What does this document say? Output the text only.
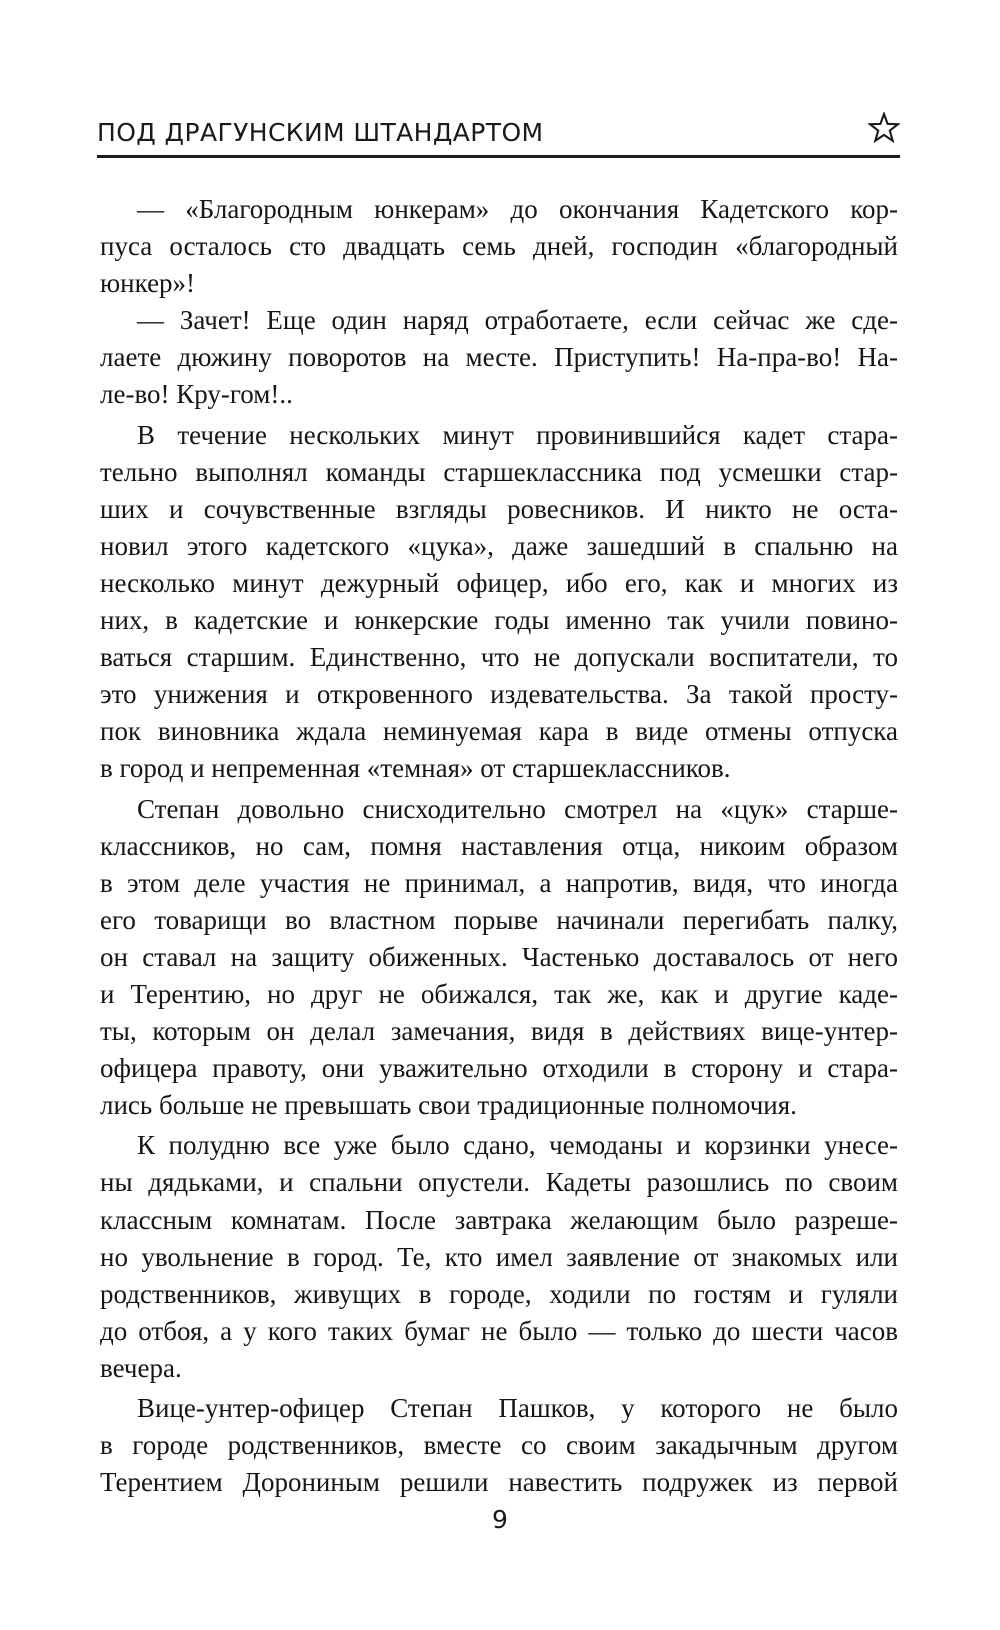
ПОД ДРАГУНСКИМ ШТАНДАРТОМ
— «Благородным юнкерам» до окончания Кадетского кор-
пуса осталось сто двадцать семь дней, господин «благородный
юнкер»!
— Зачет! Еще один наряд отработаете, если сейчас же сде-
лаете дюжину поворотов на месте. Приступить! На-пра-во! На-
ле-во! Кру-гом!..
В течение нескольких минут провинившийся кадет стара-
тельно выполнял команды старшеклассника под усмешки стар-
ших и сочувственные взгляды ровесников. И никто не оста-
новил этого кадетского «цука», даже зашедший в спальню на
несколько минут дежурный офицер, ибо его, как и многих из
них, в кадетские и юнкерские годы именно так учили повино-
ваться старшим. Единственно, что не допускали воспитатели, то
это унижения и откровенного издевательства. За такой просту-
пок виновника ждала неминуемая кара в виде отмены отпуска
в город и непременная «темная» от старшеклассников.
Степан довольно снисходительно смотрел на «цук» старше-
классников, но сам, помня наставления отца, никоим образом
в этом деле участия не принимал, а напротив, видя, что иногда
его товарищи во властном порыве начинали перегибать палку,
он ставал на защиту обиженных. Частенько доставалось от него
и Терентию, но друг не обижался, так же, как и другие каде-
ты, которым он делал замечания, видя в действиях вице-унтер-
офицера правоту, они уважительно отходили в сторону и стара-
лись больше не превышать свои традиционные полномочия.
К полудню все уже было сдано, чемоданы и корзинки унесе-
ны дядьками, и спальни опустели. Кадеты разошлись по своим
классным комнатам. После завтрака желающим было разреше-
но увольнение в город. Те, кто имел заявление от знакомых или
родственников, живущих в городе, ходили по гостям и гуляли
до отбоя, а у кого таких бумаг не было — только до шести часов
вечера.
Вице-унтер-офицер Степан Пашков, у которого не было
в городе родственников, вместе со своим закадычным другом
Терентием Дорониным решили навестить подружек из первой
9
